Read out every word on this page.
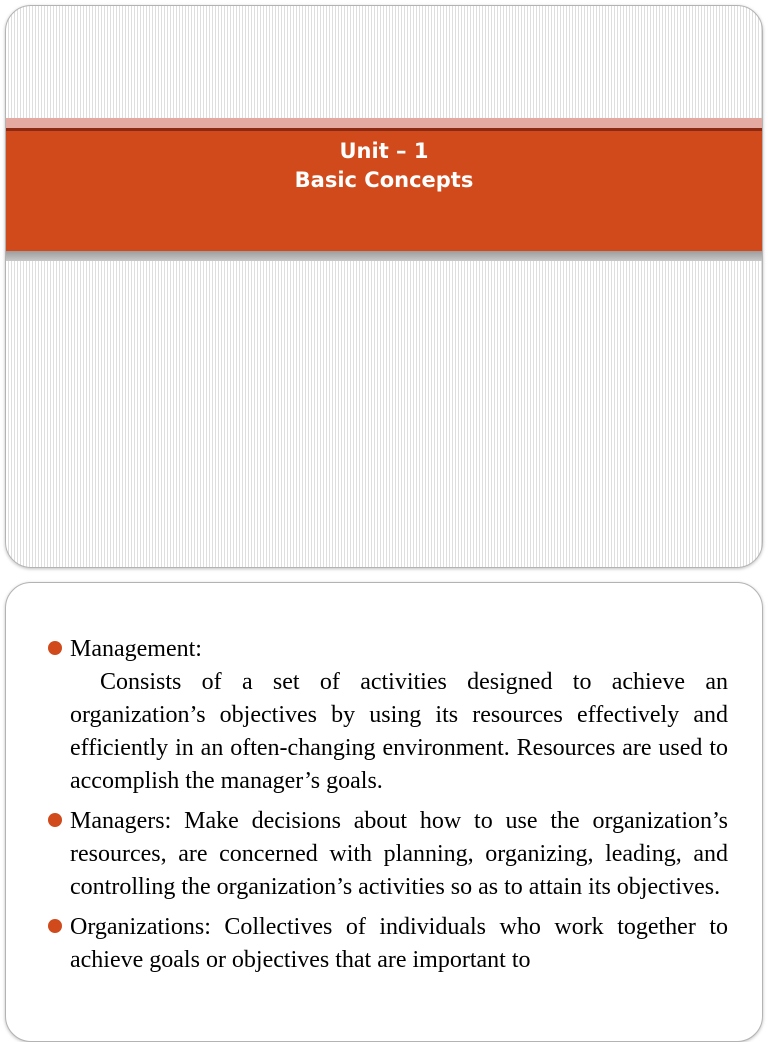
Unit – 1
Basic Concepts
Management:
Consists of a set of activities designed to achieve an organization’s objectives by using its resources effectively and efficiently in an often-changing environment. Resources are used to accomplish the manager’s goals.
Managers: Make decisions about how to use the organization’s resources, are concerned with planning, organizing, leading, and controlling the organization’s activities so as to attain its objectives.
Organizations: Collectives of individuals who work together to achieve goals or objectives that are important to
